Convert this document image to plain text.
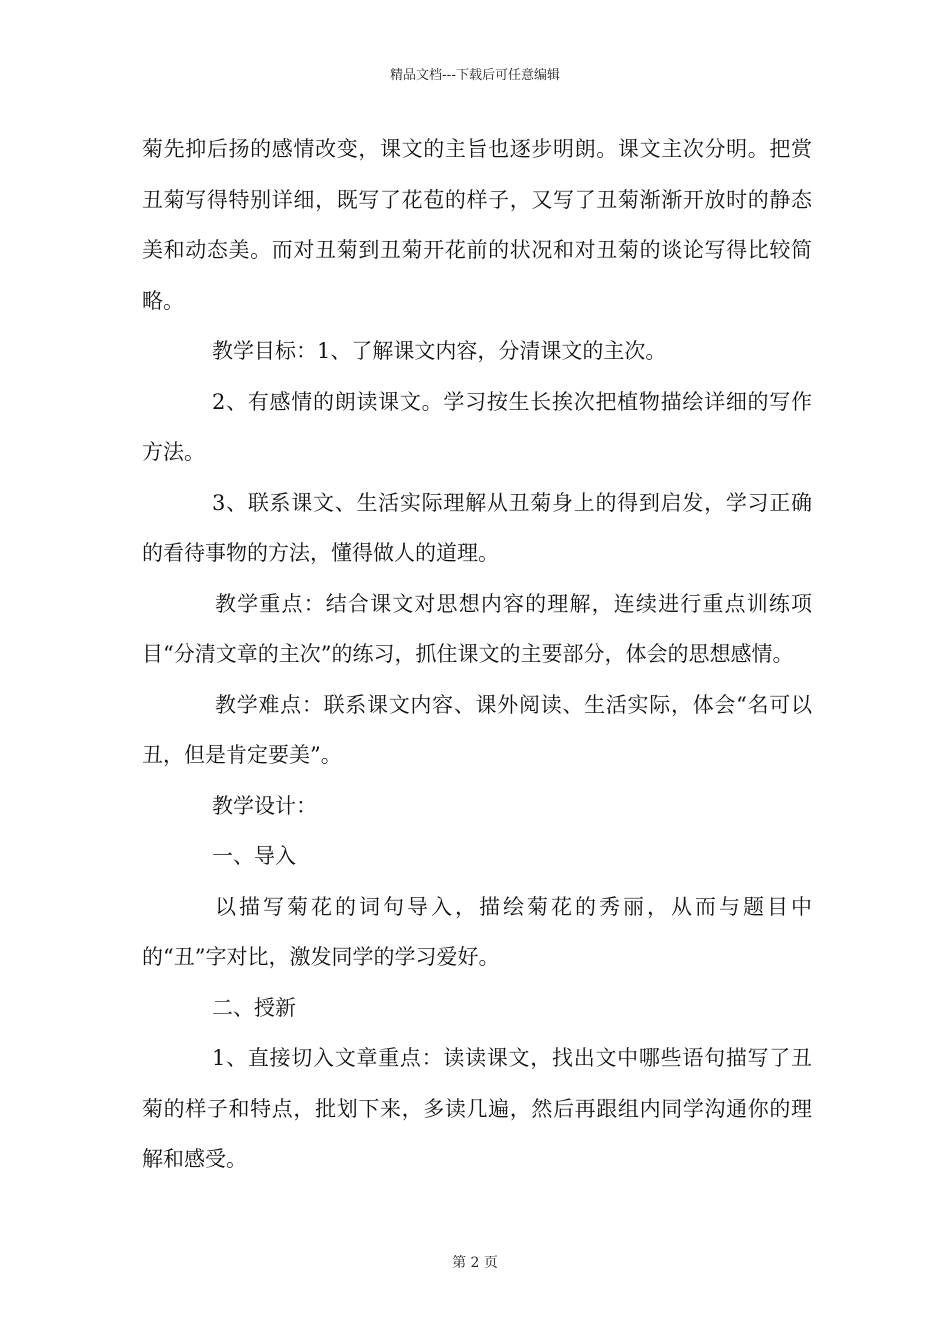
精品文档---下载后可任意编辑

菊先抑后扬的感情改变，课文的主旨也逐步明朗。课文主次分明。把赏丑菊写得特别详细，既写了花苞的样子，又写了丑菊渐渐开放时的静态美和动态美。而对丑菊到丑菊开花前的状况和对丑菊的谈论写得比较简略。

教学目标：1、了解课文内容，分清课文的主次。

2、有感情的朗读课文。学习按生长挨次把植物描绘详细的写作方法。

3、联系课文、生活实际理解从丑菊身上的得到启发，学习正确的看待事物的方法，懂得做人的道理。

教学重点：结合课文对思想内容的理解，连续进行重点训练项目“分清文章的主次”的练习，抓住课文的主要部分，体会的思想感情。

教学难点：联系课文内容、课外阅读、生活实际，体会“名可以丑，但是肯定要美”。

教学设计：

一、导入

以描写菊花的词句导入，描绘菊花的秀丽，从而与题目中的“丑”字对比，激发同学的学习爱好。

二、授新

1、直接切入文章重点：读读课文，找出文中哪些语句描写了丑菊的样子和特点，批划下来，多读几遍，然后再跟组内同学沟通你的理解和感受。

第 2 页
